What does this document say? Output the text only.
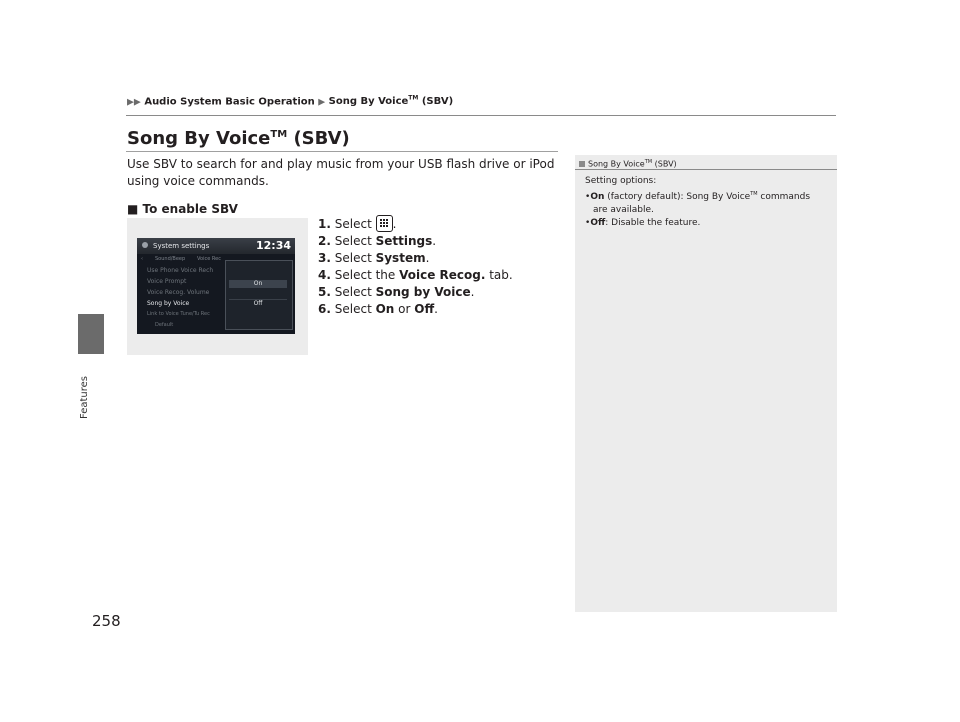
Features
258
▶▶ Audio System Basic Operation ▶ Song By Voice™ (SBV)
Song By Voice™ (SBV)

Use SBV to search for and play music from your USB flash drive or iPod using voice commands.

■ To enable SBV
System settings	12:34
‹ Sound/Beep Voice Rec
Use Phone Voice Rech
Voice Prompt
Voice Recog. Volume
Song by Voice
Link to Voice Tune/Tu Rec
Default
On
Off
1. Select
.
2. Select Settings.
3. Select System.
4. Select the Voice Recog. tab.
5. Select Song by Voice.
6. Select On or Off.
Song By Voice™ (SBV)
Setting options:
•On (factory default): Song By Voice™ commands
are available.
•Off: Disable the feature.
